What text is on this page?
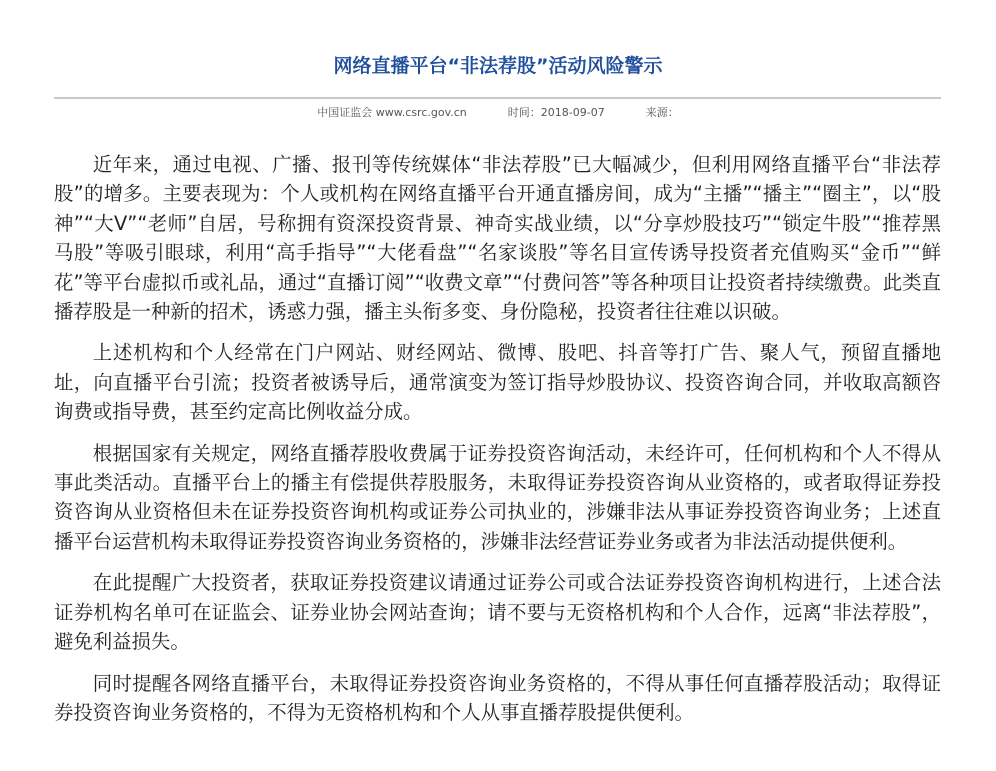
网络直播平台“非法荐股”活动风险警示
中国证监会 www.csrc.gov.cn	时间：2018-09-07	来源：

近年来，通过电视、广播、报刊等传统媒体“非法荐股”已大幅减少，但利用网络直播平台“非法荐股”的增多。主要表现为：个人或机构在网络直播平台开通直播房间，成为“主播”“播主”“圈主”，以“股神”“大V”“老师”自居，号称拥有资深投资背景、神奇实战业绩，以“分享炒股技巧”“锁定牛股”“推荐黑马股”等吸引眼球，利用“高手指导”“大佬看盘”“名家谈股”等名目宣传诱导投资者充值购买“金币”“鲜花”等平台虚拟币或礼品，通过“直播订阅”“收费文章”“付费问答”等各种项目让投资者持续缴费。此类直播荐股是一种新的招术，诱惑力强，播主头衔多变、身份隐秘，投资者往往难以识破。

上述机构和个人经常在门户网站、财经网站、微博、股吧、抖音等打广告、聚人气，预留直播地址，向直播平台引流；投资者被诱导后，通常演变为签订指导炒股协议、投资咨询合同，并收取高额咨询费或指导费，甚至约定高比例收益分成。

根据国家有关规定，网络直播荐股收费属于证券投资咨询活动，未经许可，任何机构和个人不得从事此类活动。直播平台上的播主有偿提供荐股服务，未取得证券投资咨询从业资格的，或者取得证券投资咨询从业资格但未在证券投资咨询机构或证券公司执业的，涉嫌非法从事证券投资咨询业务；上述直播平台运营机构未取得证券投资咨询业务资格的，涉嫌非法经营证券业务或者为非法活动提供便利。

在此提醒广大投资者，获取证券投资建议请通过证券公司或合法证券投资咨询机构进行，上述合法证券机构名单可在证监会、证券业协会网站查询；请不要与无资格机构和个人合作，远离“非法荐股”，避免利益损失。

同时提醒各网络直播平台，未取得证券投资咨询业务资格的，不得从事任何直播荐股活动；取得证券投资咨询业务资格的，不得为无资格机构和个人从事直播荐股提供便利。
